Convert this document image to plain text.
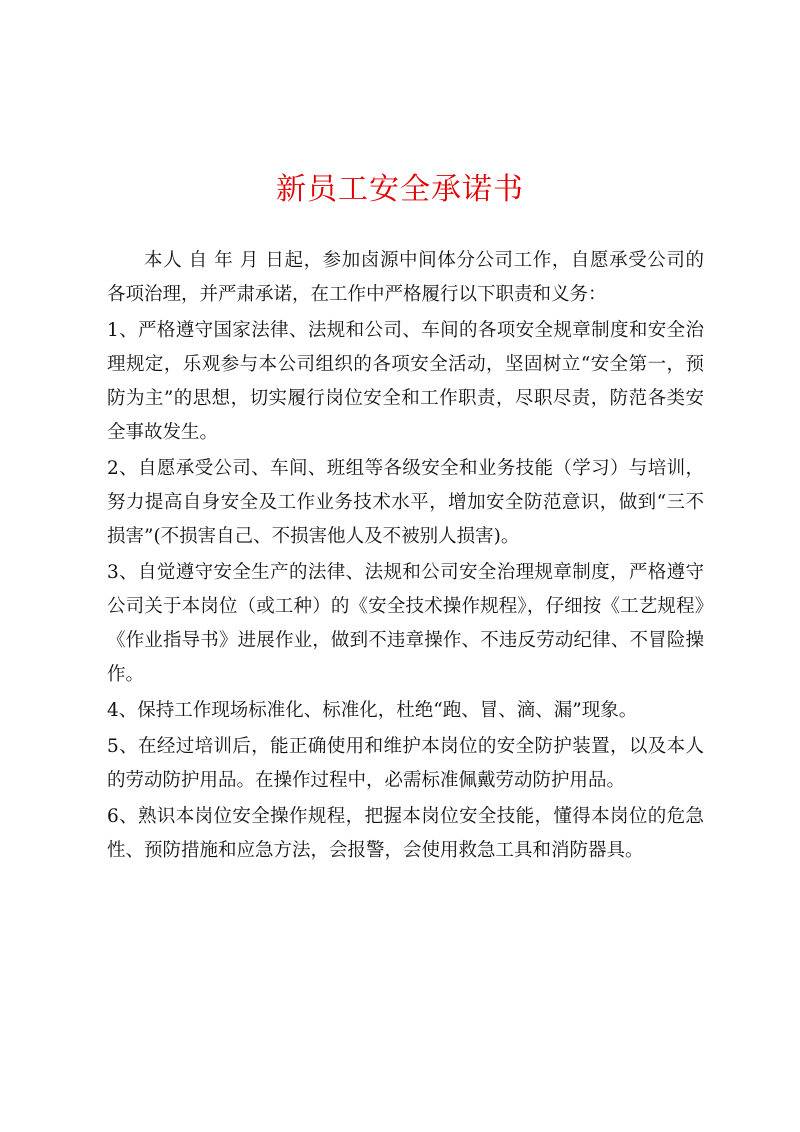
新员工安全承诺书

本人 自 年 月 日起，参加卤源中间体分公司工作，自愿承受公司的各项治理，并严肃承诺，在工作中严格履行以下职责和义务：

1、严格遵守国家法律、法规和公司、车间的各项安全规章制度和安全治理规定，乐观参与本公司组织的各项安全活动，坚固树立“安全第一，预防为主”的思想，切实履行岗位安全和工作职责，尽职尽责，防范各类安全事故发生。

2、自愿承受公司、车间、班组等各级安全和业务技能（学习）与培训，努力提高自身安全及工作业务技术水平，增加安全防范意识，做到“三不损害”(不损害自己、不损害他人及不被别人损害)。

3、自觉遵守安全生产的法律、法规和公司安全治理规章制度，严格遵守公司关于本岗位（或工种）的《安全技术操作规程》，仔细按《工艺规程》《作业指导书》进展作业，做到不违章操作、不违反劳动纪律、不冒险操作。

4、保持工作现场标准化、标准化，杜绝“跑、冒、滴、漏”现象。

5、在经过培训后，能正确使用和维护本岗位的安全防护装置，以及本人的劳动防护用品。在操作过程中，必需标准佩戴劳动防护用品。

6、熟识本岗位安全操作规程，把握本岗位安全技能，懂得本岗位的危急性、预防措施和应急方法，会报警，会使用救急工具和消防器具。
